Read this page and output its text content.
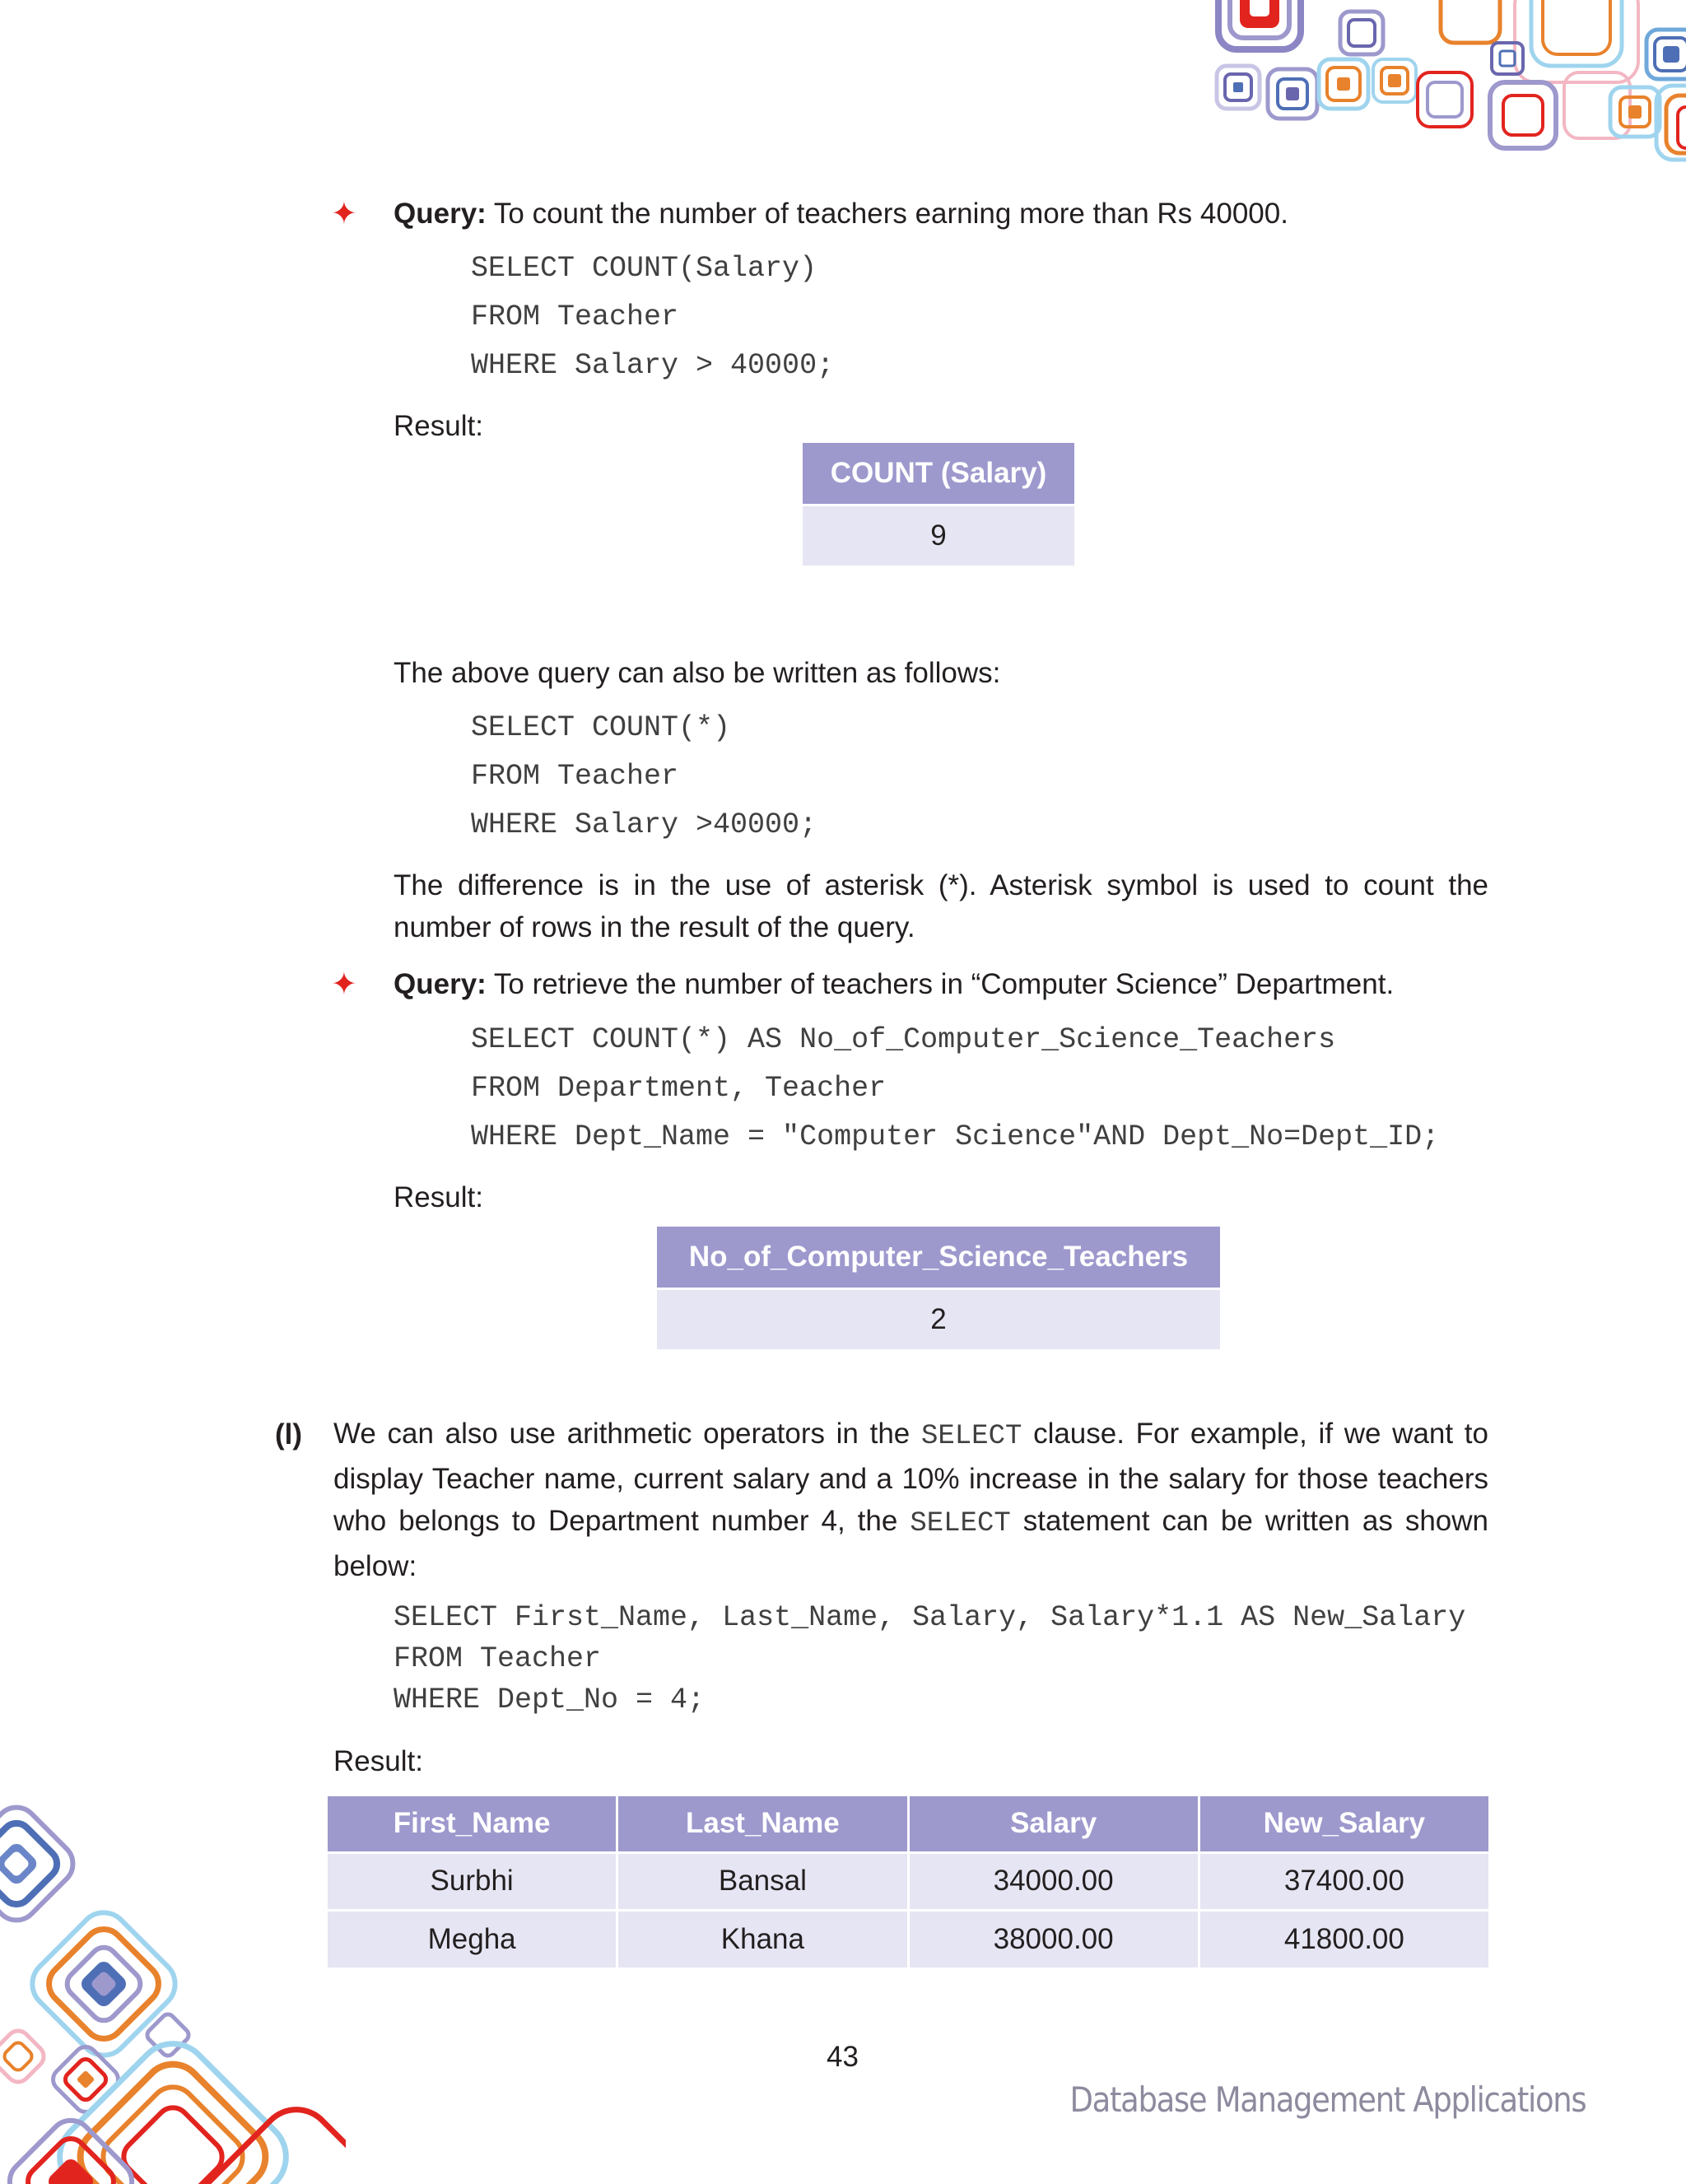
✦ Query: To count the number of teachers earning more than Rs 40000.
SELECT COUNT(Salary)
FROM Teacher
WHERE Salary > 40000;
Result:
COUNT (Salary)
9
The above query can also be written as follows:
SELECT COUNT(*)
FROM Teacher
WHERE Salary >40000;
The difference is in the use of asterisk (*). Asterisk symbol is used to count the number of rows in the result of the query.
✦ Query: To retrieve the number of teachers in “Computer Science” Department.
SELECT COUNT(*) AS No_of_Computer_Science_Teachers
FROM Department, Teacher
WHERE Dept_Name = "Computer Science"AND Dept_No=Dept_ID;
Result:
No_of_Computer_Science_Teachers
2
(l) We can also use arithmetic operators in the SELECT clause. For example, if we want to display Teacher name, current salary and a 10% increase in the salary for those teachers who belongs to Department number 4, the SELECT statement can be written as shown below:
SELECT First_Name, Last_Name, Salary, Salary*1.1 AS New_Salary
FROM Teacher
WHERE Dept_No = 4;
Result:
First_Name	Last_Name	Salary	New_Salary
Surbhi	Bansal	34000.00	37400.00
Megha	Khana	38000.00	41800.00
43
Database Management Applications
